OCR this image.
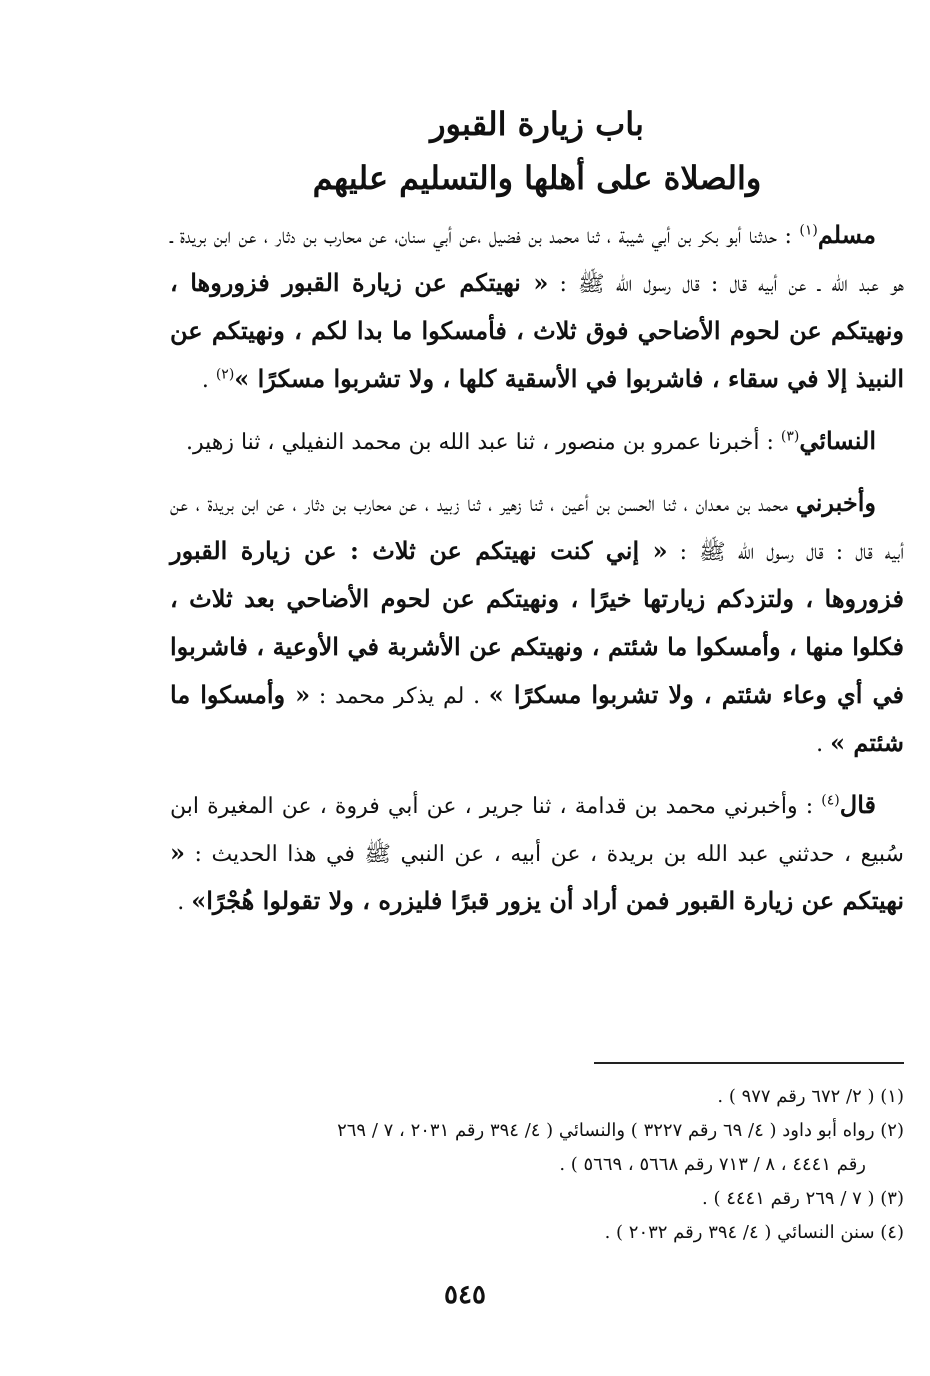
باب زيارة القبور
والصلاة على أهلها والتسليم عليهم

مسلم$^{(١)}$ : حدثنا أبو بكر بن أبي شيبة ، ثنا محمد بن فضيل ،عن أبي سنان، عن محارب بن دثار ، عن ابن بريدة ـ هو عبد الله ـ عن أبيه قال : قال رسول الله ﷺ : « نهيتكم عن زيارة القبور فزوروها ، ونهيتكم عن لحوم الأضاحي فوق ثلاث ، فأمسكوا ما بدا لكم ، ونهيتكم عن النبيذ إلا في سقاء ، فاشربوا في الأسقية كلها ، ولا تشربوا مسكرًا »$^{(٢)}$ .

النسائي$^{(٣)}$ : أخبرنا عمرو بن منصور ، ثنا عبد الله بن محمد النفيلي ، ثنا زهير.

وأخبرني محمد بن معدان ، ثنا الحسن بن أعين ، ثنا زهير ، ثنا زبيد ، عن محارب بن دثار ، عن ابن بريدة ، عن أبيه قال : قال رسول الله ﷺ : « إني كنت نهيتكم عن ثلاث : عن زيارة القبور فزوروها ، ولتزدكم زيارتها خيرًا ، ونهيتكم عن لحوم الأضاحي بعد ثلاث ، فكلوا منها ، وأمسكوا ما شئتم ، ونهيتكم عن الأشربة في الأوعية ، فاشربوا في أي وعاء شئتم ، ولا تشربوا مسكرًا » . لم يذكر محمد : « وأمسكوا ما شئتم » .

قال$^{(٤)}$ : وأخبرني محمد بن قدامة ، ثنا جرير ، عن أبي فروة ، عن المغيرة ابن سُبيع ، حدثني عبد الله بن بريدة ، عن أبيه ، عن النبي ﷺ في هذا الحديث : « نهيتكم عن زيارة القبور فمن أراد أن يزور قبرًا فليزره ، ولا تقولوا هُجْرًا» .

(١) ( ٢/ ٦٧٢ رقم ٩٧٧ ) .

(٢) رواه أبو داود ( ٤/ ٦٩ رقم ٣٢٢٧ ) والنسائي ( ٤/ ٣٩٤ رقم ٢٠٣١ ، ٧ / ٢٦٩

رقم ٤٤٤١ ، ٨ / ٧١٣ رقم ٥٦٦٨ ، ٥٦٦٩ ) .

(٣) ( ٧ / ٢٦٩ رقم ٤٤٤١ ) .

(٤) سنن النسائي ( ٤/ ٣٩٤ رقم ٢٠٣٢ ) .

٥٤٥
